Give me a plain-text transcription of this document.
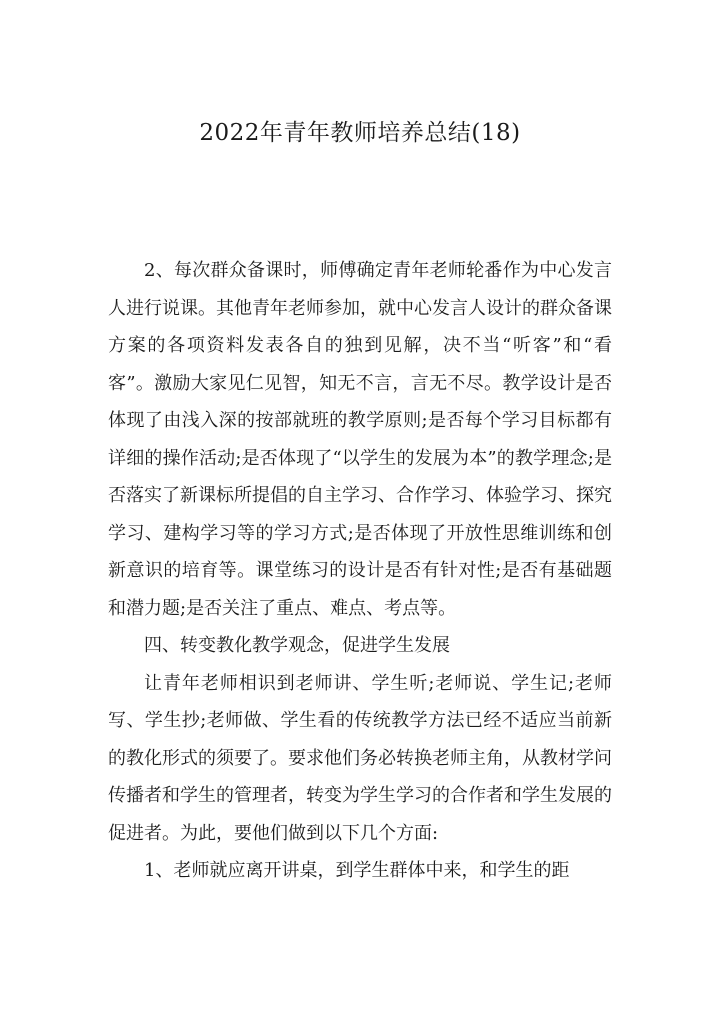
2022年青年教师培养总结(18)

2、每次群众备课时，师傅确定青年老师轮番作为中心发言人进行说课。其他青年老师参加，就中心发言人设计的群众备课方案的各项资料发表各自的独到见解，决不当“听客”和“看客”。激励大家见仁见智，知无不言，言无不尽。教学设计是否体现了由浅入深的按部就班的教学原则;是否每个学习目标都有详细的操作活动;是否体现了“以学生的发展为本”的教学理念;是否落实了新课标所提倡的自主学习、合作学习、体验学习、探究学习、建构学习等的学习方式;是否体现了开放性思维训练和创新意识的培育等。课堂练习的设计是否有针对性;是否有基础题和潜力题;是否关注了重点、难点、考点等。

四、转变教化教学观念，促进学生发展

让青年老师相识到老师讲、学生听;老师说、学生记;老师写、学生抄;老师做、学生看的传统教学方法已经不适应当前新的教化形式的须要了。要求他们务必转换老师主角，从教材学问传播者和学生的管理者，转变为学生学习的合作者和学生发展的促进者。为此，要他们做到以下几个方面:

1、老师就应离开讲桌，到学生群体中来，和学生的距
